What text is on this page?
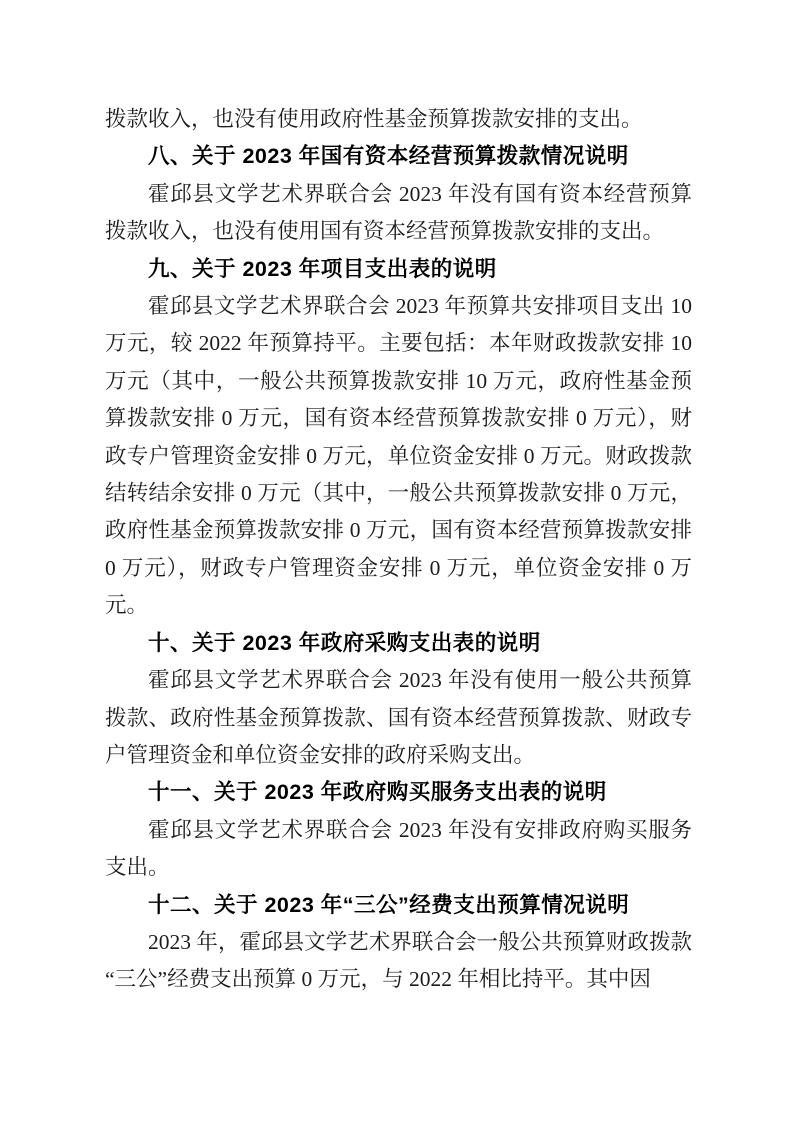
拨款收入，也没有使用政府性基金预算拨款安排的支出。

八、关于 2023 年国有资本经营预算拨款情况说明

霍邱县文学艺术界联合会 2023 年没有国有资本经营预算拨款收入，也没有使用国有资本经营预算拨款安排的支出。

九、关于 2023 年项目支出表的说明

霍邱县文学艺术界联合会 2023 年预算共安排项目支出 10 万元，较 2022 年预算持平。主要包括：本年财政拨款安排 10 万元（其中，一般公共预算拨款安排 10 万元，政府性基金预算拨款安排 0 万元，国有资本经营预算拨款安排 0 万元），财政专户管理资金安排 0 万元，单位资金安排 0 万元。财政拨款结转结余安排 0 万元（其中，一般公共预算拨款安排 0 万元，政府性基金预算拨款安排 0 万元，国有资本经营预算拨款安排 0 万元），财政专户管理资金安排 0 万元，单位资金安排 0 万元。

十、关于 2023 年政府采购支出表的说明

霍邱县文学艺术界联合会 2023 年没有使用一般公共预算拨款、政府性基金预算拨款、国有资本经营预算拨款、财政专户管理资金和单位资金安排的政府采购支出。

十一、关于 2023 年政府购买服务支出表的说明

霍邱县文学艺术界联合会 2023 年没有安排政府购买服务支出。

十二、关于 2023 年“三公”经费支出预算情况说明

2023 年，霍邱县文学艺术界联合会一般公共预算财政拨款“三公”经费支出预算 0 万元，与 2022 年相比持平。其中因
